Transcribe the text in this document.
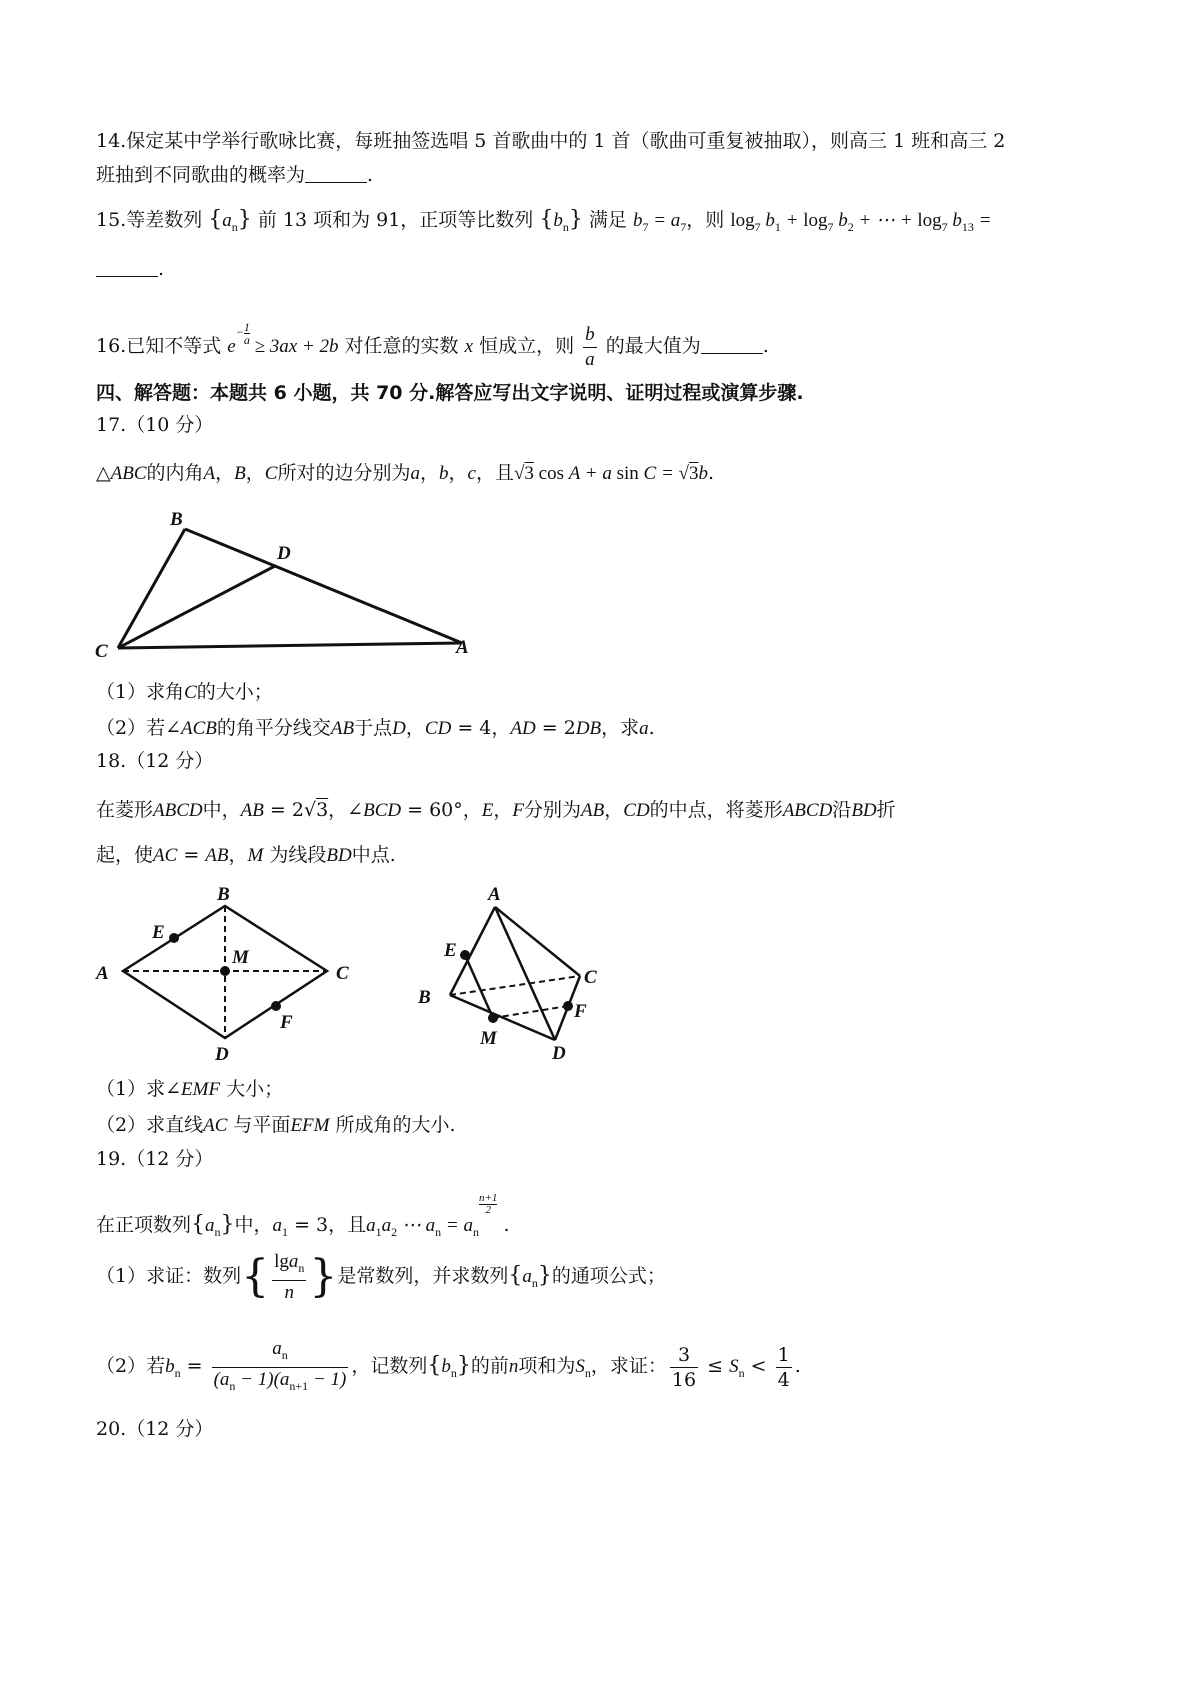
14.保定某中学举行歌咏比赛，每班抽签选唱 5 首歌曲中的 1 首（歌曲可重复被抽取），则高三 1 班和高三 2
班抽到不同歌曲的概率为	.
15.等差数列 $\{a_n\}$ 前 13 项和为 91，正项等比数列 $\{b_n\}$ 满足 $b_7 = a_7$，则 $\log_7 b_1 + \log_7 b_2$ + ⋯ + $\log_7 b_{13}$ =
.
16.已知不等式 $e^{- \frac{1}{a}}$
≥ 3ax + 2b 对任意的实数 x 恒成立，则 $\frac{b}{a}$ 的最大值为	.
四、解答题：本题共 6 小题，共 70 分.解答应写出文字说明、证明过程或演算步骤.
17.（10 分）
△ABC的内角A，B，C所对的边分别为a，b，c，且√3 cos A + a sin C = √3b.
B
D
C	A
（1）求角C的大小；
（2）若∠ACB的角平分线交AB于点D，CD = 4，AD = 2DB，求a.
18.（12 分）
在菱形ABCD中，AB = 2√3，∠BCD = 60°，E，F分别为AB，CD的中点，将菱形ABCD沿BD折
起，使AC = AB，M 为线段BD中点.
B
E
A
M
C
F
D
A
E
C
B
F
M
D
（1）求∠EMF 大小；
（2）求直线AC 与平面EFM 所成角的大小.
19.（12 分）
在正项数列$\{a_n\}$中，$a_1 = 3$，且$a_1a_2$ ⋯ $a_n = a_n$
$\frac{n+1}{2}$
.
（1）求证：数列{ $\frac{\lg a_n}{n}$ }是常数列，并求数列$\{a_n\}$的通项公式；
（2）若$b_n = \frac{a_n}{(a_n - 1)(a_{n+1} - 1)}$ ，记数列$\{b_n\}$的前n项和为$S_n$，求证： $\frac{3}{16} \le S_n < \frac{1}{4}$ .
20.（12 分）
